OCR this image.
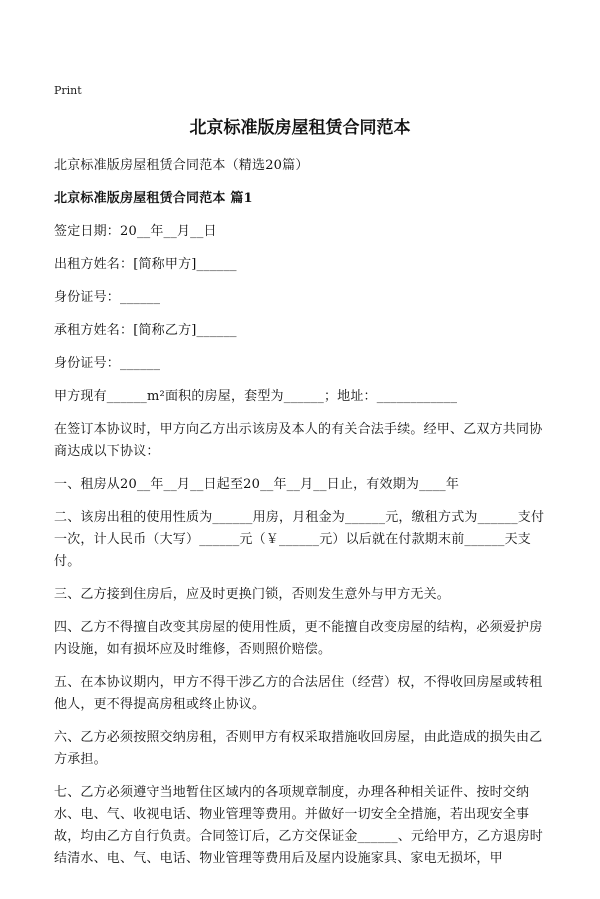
Print
北京标准版房屋租赁合同范本

北京标准版房屋租赁合同范本（精选20篇）

北京标准版房屋租赁合同范本 篇1

签定日期：20__年__月__日

出租方姓名：[简称甲方]______

身份证号：______

承租方姓名：[简称乙方]______

身份证号：______

甲方现有______m²面积的房屋，套型为______；地址：____________

在签订本协议时，甲方向乙方出示该房及本人的有关合法手续。经甲、乙双方共同协商达成以下协议：

一、租房从20__年__月__日起至20__年__月__日止，有效期为____年

二、该房出租的使用性质为______用房，月租金为______元，缴租方式为______支付一次，计人民币（大写）______元（￥______元）以后就在付款期末前______天支付。

三、乙方接到住房后，应及时更换门锁，否则发生意外与甲方无关。

四、乙方不得擅自改变其房屋的使用性质，更不能擅自改变房屋的结构，必须爱护房内设施，如有损坏应及时维修，否则照价赔偿。

五、在本协议期内，甲方不得干涉乙方的合法居住（经营）权，不得收回房屋或转租他人，更不得提高房租或终止协议。

六、乙方必须按照交纳房租，否则甲方有权采取措施收回房屋，由此造成的损失由乙方承担。

七、乙方必须遵守当地暂住区域内的各项规章制度，办理各种相关证件、按时交纳水、电、气、收视电话、物业管理等费用。并做好一切安全全措施，若出现安全事故，均由乙方自行负责。合同签订后，乙方交保证金______、元给甲方，乙方退房时结清水、电、气、电话、物业管理等费用后及屋内设施家具、家电无损坏，甲
